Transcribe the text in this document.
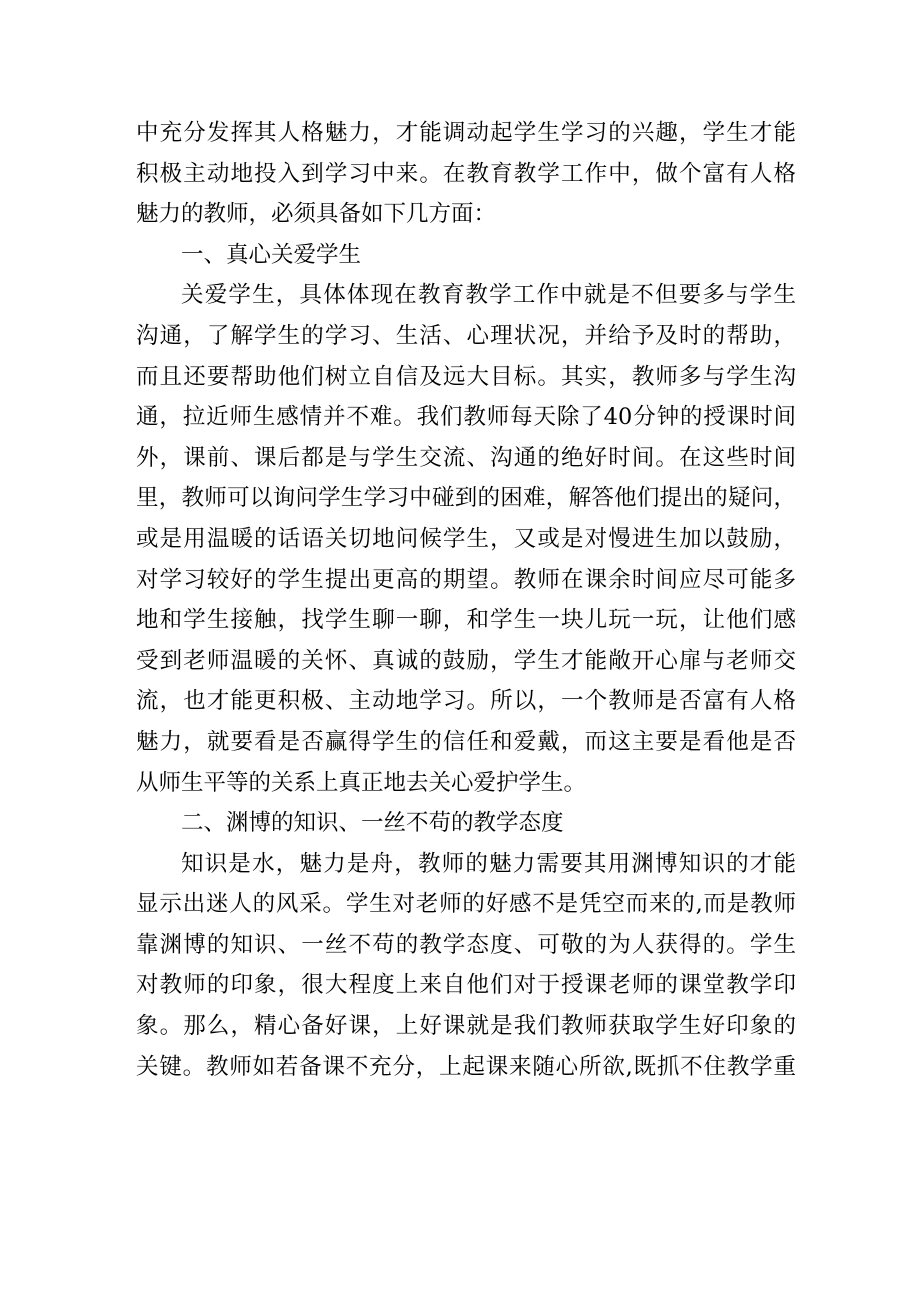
中充分发挥其人格魅力，才能调动起学生学习的兴趣，学生才能
积极主动地投入到学习中来。在教育教学工作中，做个富有人格
魅力的教师，必须具备如下几方面：
一、真心关爱学生
关爱学生，具体体现在教育教学工作中就是不但要多与学生
沟通，了解学生的学习、生活、心理状况，并给予及时的帮助，
而且还要帮助他们树立自信及远大目标。其实，教师多与学生沟
通，拉近师生感情并不难。我们教师每天除了40分钟的授课时间
外，课前、课后都是与学生交流、沟通的绝好时间。在这些时间
里，教师可以询问学生学习中碰到的困难，解答他们提出的疑问，
或是用温暖的话语关切地问候学生，又或是对慢进生加以鼓励，
对学习较好的学生提出更高的期望。教师在课余时间应尽可能多
地和学生接触，找学生聊一聊，和学生一块儿玩一玩，让他们感
受到老师温暖的关怀、真诚的鼓励，学生才能敞开心扉与老师交
流，也才能更积极、主动地学习。所以，一个教师是否富有人格
魅力，就要看是否赢得学生的信任和爱戴，而这主要是看他是否
从师生平等的关系上真正地去关心爱护学生。
二、渊博的知识、一丝不苟的教学态度
知识是水，魅力是舟，教师的魅力需要其用渊博知识的才能
显示出迷人的风采。学生对老师的好感不是凭空而来的,而是教师
靠渊博的知识、一丝不苟的教学态度、可敬的为人获得的。学生
对教师的印象，很大程度上来自他们对于授课老师的课堂教学印
象。那么，精心备好课，上好课就是我们教师获取学生好印象的
关键。教师如若备课不充分，上起课来随心所欲,既抓不住教学重
